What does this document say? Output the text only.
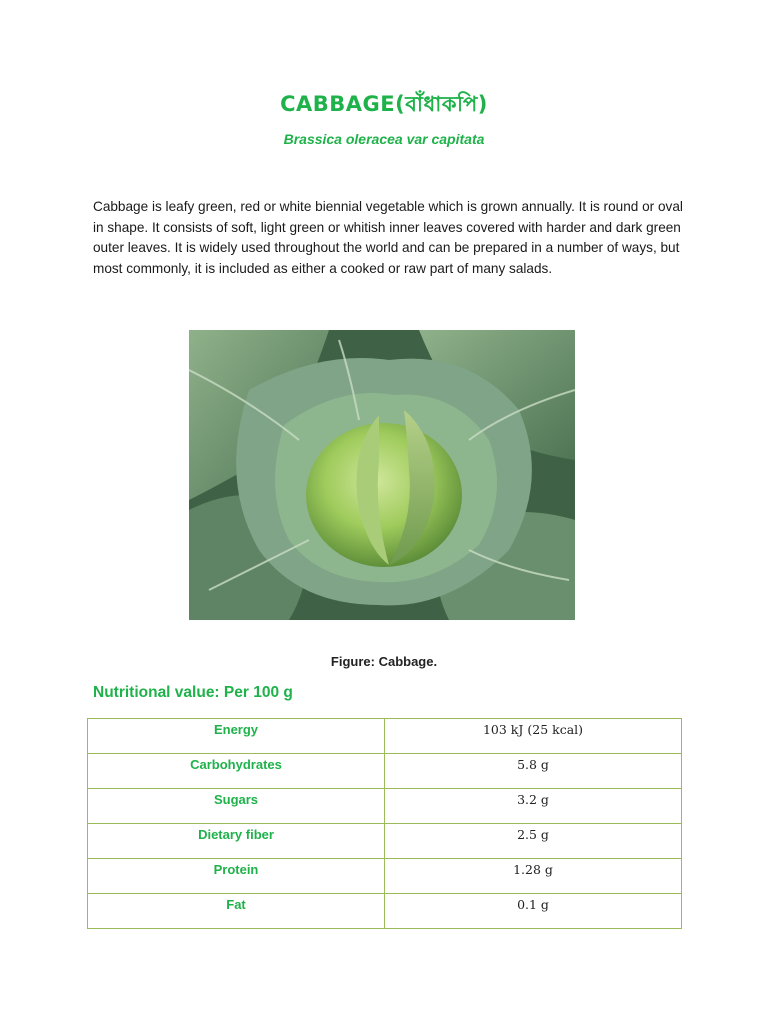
CABBAGE(বাঁধাকপি)

Brassica oleracea var capitata

Cabbage is leafy green, red or white biennial vegetable which is grown annually. It is round or oval in shape. It consists of soft, light green or whitish inner leaves covered with harder and dark green outer leaves. It is widely used throughout the world and can be prepared in a number of ways, but most commonly, it is included as either a cooked or raw part of many salads.

Figure: Cabbage.

Nutritional value: Per 100 g
Energy	103 kJ (25 kcal)
Carbohydrates	5.8 g
Sugars	3.2 g
Dietary fiber	2.5 g
Protein	1.28 g
Fat	0.1 g
